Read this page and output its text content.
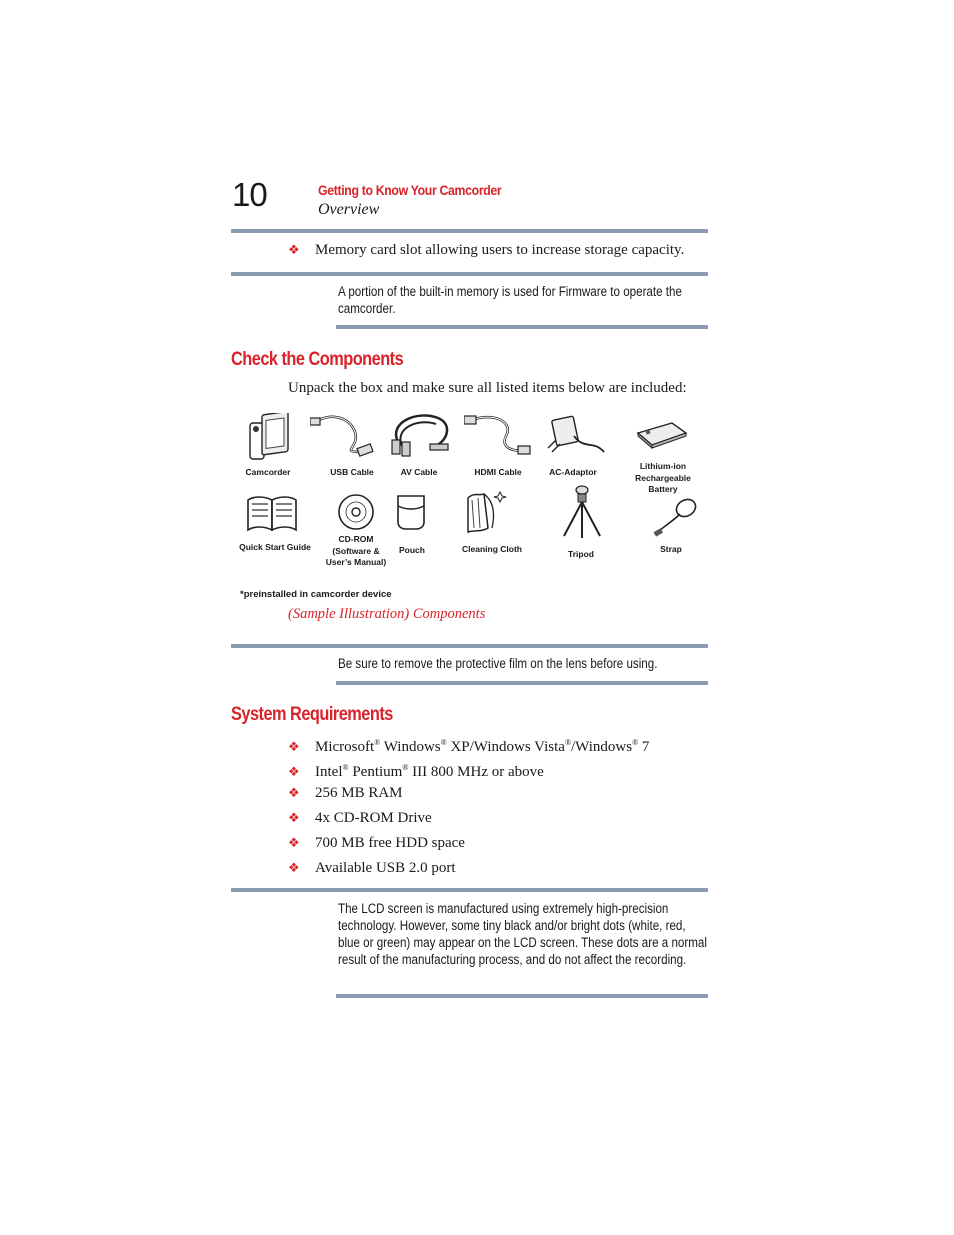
10	Getting to Know Your Camcorder
Overview
❖ Memory card slot allowing users to increase storage capacity.
A portion of the built-in memory is used for Firmware to operate the camcorder.
Check the Components
Unpack the box and make sure all listed items below are included:
Camcorder	USB Cable	AV Cable	HDMI Cable	AC-Adaptor
Lithium-ion
Rechargeable
Battery
Quick Start Guide
CD-ROM
(Software &
User’s Manual)
Pouch	Cleaning Cloth	Tripod	Strap
*preinstalled in camcorder device
(Sample Illustration) Components
Be sure to remove the protective film on the lens before using.
System Requirements
❖ Microsoft® Windows® XP/Windows Vista®/Windows® 7
❖ Intel® Pentium® III 800 MHz or above
❖ 256 MB RAM
❖ 4x CD-ROM Drive
❖ 700 MB free HDD space
❖ Available USB 2.0 port
The LCD screen is manufactured using extremely high-precision technology. However, some tiny black and/or bright dots (white, red, blue or green) may appear on the LCD screen. These dots are a normal result of the manufacturing process, and do not affect the recording.
